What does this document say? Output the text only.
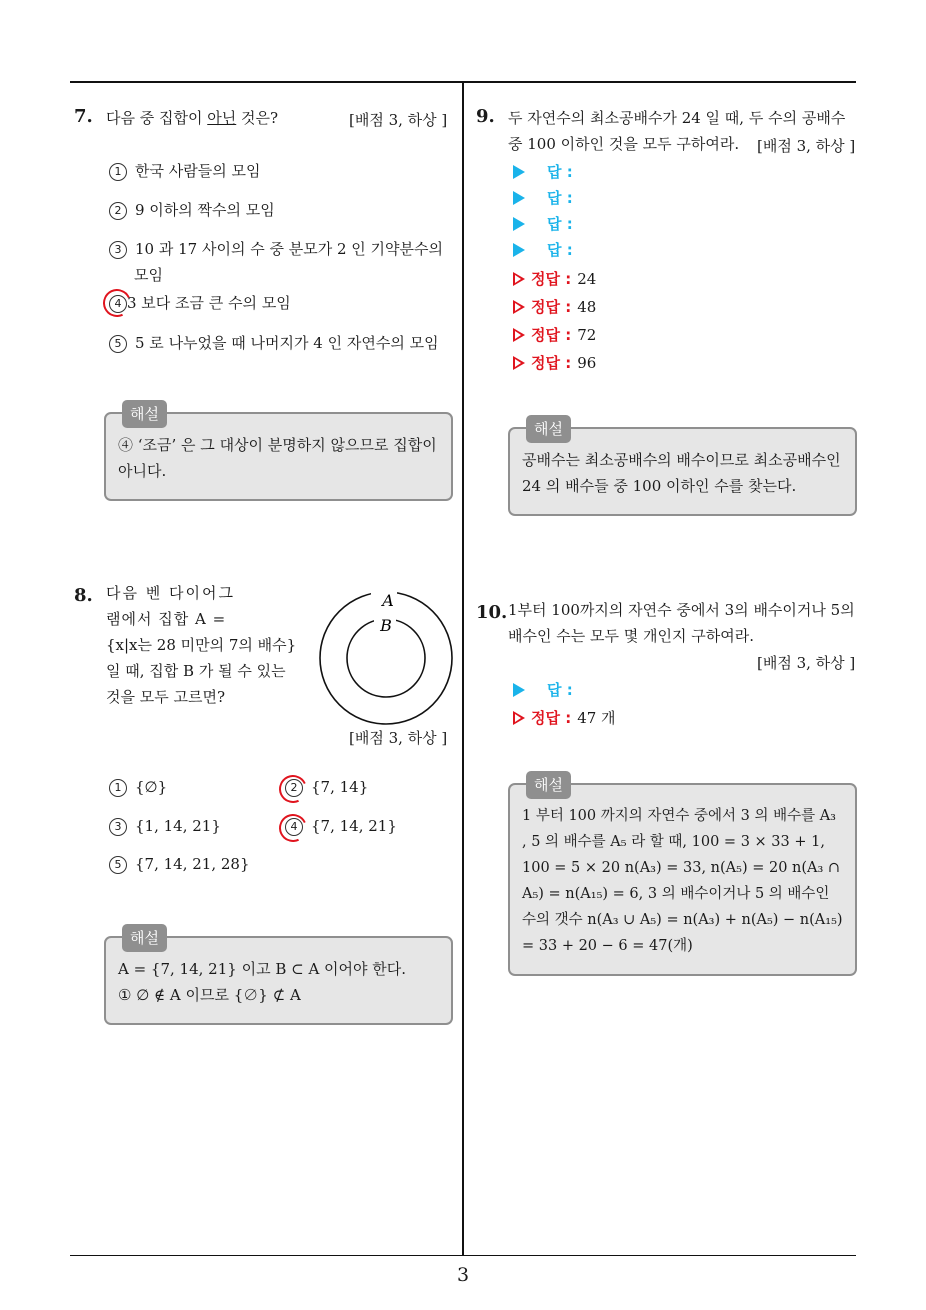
3
7. 다음 중 집합이 아닌 것은?	[배점 3, 하상 ]
1 한국 사람들의 모임
2 9 이하의 짝수의 모임
3 10 과 17 사이의 수 중 분모가 2 인 기약분수의
모임
4 3 보다 조금 큰 수의 모임
5 5 로 나누었을 때 나머지가 4 인 자연수의 모임
해설
④ ‘조금’ 은 그 대상이 분명하지 않으므로 집합이
아니다.
8. 다음 벤 다이어그
램에서 집합 A =
{x|x는 28 미만의 7의 배수}
일 때, 집합 B 가 될 수 있는
것을 모두 고르면?
A
B
[배점 3, 하상 ]
1 {∅}	2 {7, 14}
3 {1, 14, 21}	4 {7, 14, 21}
5 {7, 14, 21, 28}
해설
A = {7, 14, 21} 이고 B ⊂ A 이어야 한다.
① ∅ ∉ A 이므로 {∅} ⊄ A
9. 두 자연수의 최소공배수가 24 일 때, 두 수의 공배수
중 100 이하인 것을 모두 구하여라.	[배점 3, 하상 ]
답 :
답 :
답 :
답 :
정답 : 24
정답 : 48
정답 : 72
정답 : 96
해설
공배수는 최소공배수의 배수이므로 최소공배수인
24 의 배수들 중 100 이하인 수를 찾는다.
10. 1부터 100까지의 자연수 중에서 3의 배수이거나 5의
배수인 수는 모두 몇 개인지 구하여라.
[배점 3, 하상 ]
답 :
정답 : 47 개
해설
1 부터 100 까지의 자연수 중에서 3 의 배수를 A₃
, 5 의 배수를 A₅ 라 할 때, 100 = 3 × 33 + 1,
100 = 5 × 20 n(A₃) = 33, n(A₅) = 20 n(A₃ ∩
A₅) = n(A₁₅) = 6, 3 의 배수이거나 5 의 배수인
수의 갯수 n(A₃ ∪ A₅) = n(A₃) + n(A₅) − n(A₁₅)
= 33 + 20 − 6 = 47(개)
